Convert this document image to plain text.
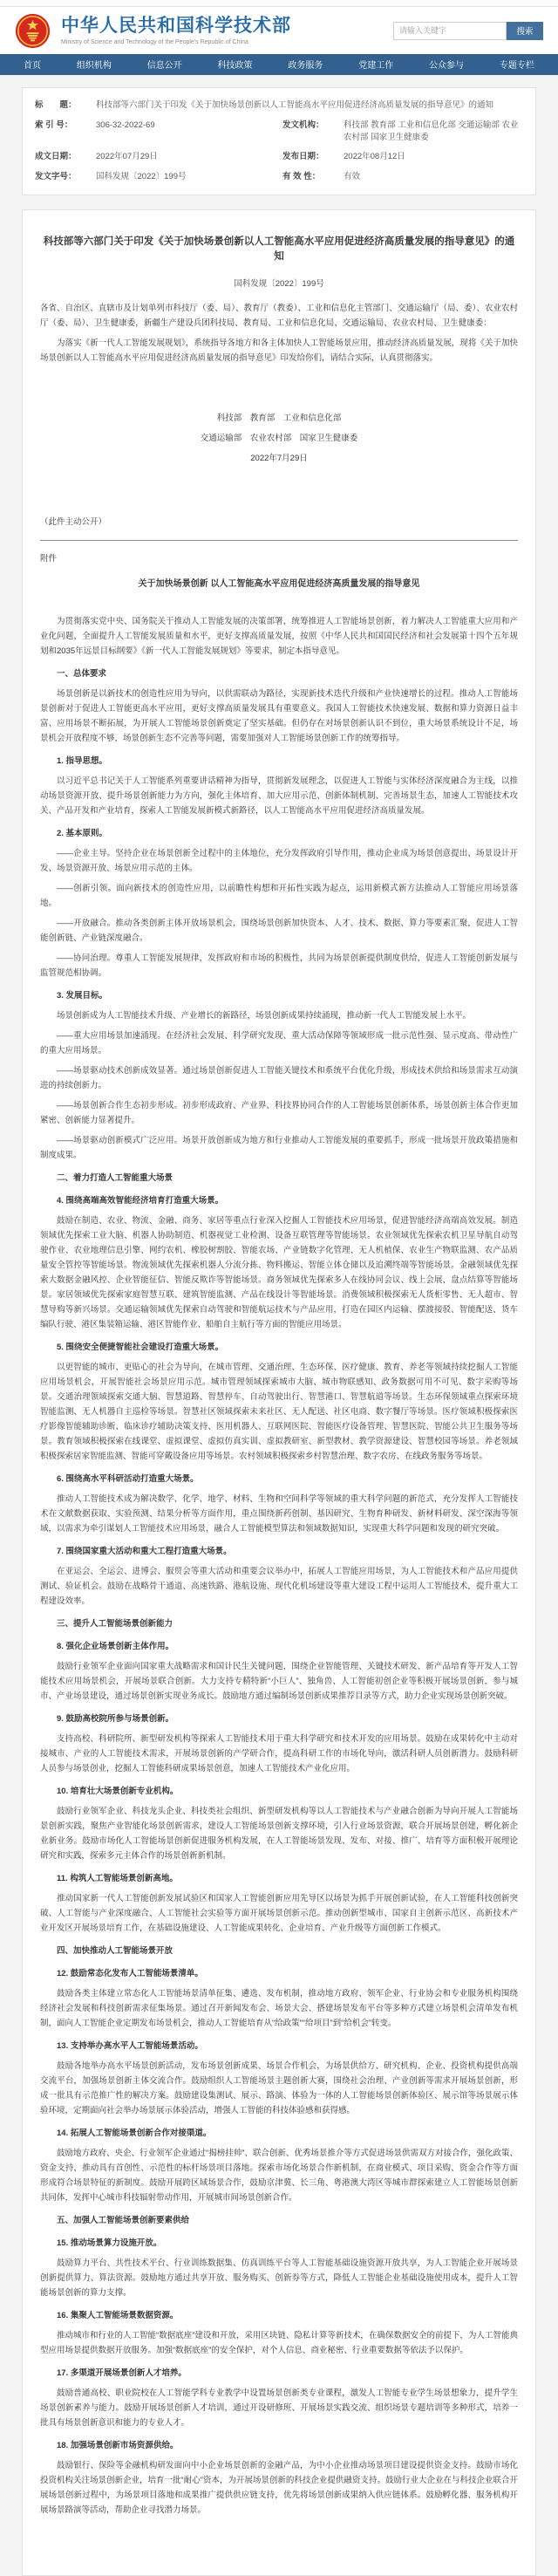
中华人民共和国科学技术部
Ministry of Science and Technology of the People's Republic of China
请输入关键字
搜索
首页	组织机构	信息公开	科技政策	政务服务	党建工作	公众参与	专题专栏
标　　题：	科技部等六部门关于印发《关于加快场景创新以人工智能高水平应用促进经济高质量发展的指导意见》的通知
索 引 号：	306-32-2022-69	发文机构：	科技部 教育部 工业和信息化部 交通运输部 农业农村部 国家卫生健康委
成文日期：	2022年07月29日	发布日期：	2022年08月12日
发文字号：	国科发规〔2022〕199号	有 效 性：	有效
科技部等六部门关于印发《关于加快场景创新以人工智能高水平应用促进经济高质量发展的指导意见》的通知
国科发规〔2022〕199号
各省、自治区、直辖市及计划单列市科技厅（委、局）、教育厅（教委）、工业和信息化主管部门、交通运输厅（局、委）、农业农村厅（委、局）、卫生健康委，新疆生产建设兵团科技局、教育局、工业和信息化局、交通运输局、农业农村局、卫生健康委：
为落实《新一代人工智能发展规划》，系统指导各地方和各主体加快人工智能场景应用，推动经济高质量发展，现将《关于加快场景创新以人工智能高水平应用促进经济高质量发展的指导意见》印发给你们，请结合实际，认真贯彻落实。
科技部　教育部　工业和信息化部
交通运输部　农业农村部　国家卫生健康委
2022年7月29日
（此件主动公开）
附件
关于加快场景创新 以人工智能高水平应用促进经济高质量发展的指导意见
为贯彻落实党中央、国务院关于推动人工智能发展的决策部署，统筹推进人工智能场景创新，着力解决人工智能重大应用和产业化问题，全面提升人工智能发展质量和水平，更好支撑高质量发展，按照《中华人民共和国国民经济和社会发展第十四个五年规划和2035年远景目标纲要》《新一代人工智能发展规划》等要求，制定本指导意见。
一、总体要求
场景创新是以新技术的创造性应用为导向，以供需联动为路径，实现新技术迭代升级和产业快速增长的过程。推动人工智能场景创新对于促进人工智能更高水平应用，更好支撑高质量发展具有重要意义。我国人工智能技术快速发展、数据和算力资源日益丰富、应用场景不断拓展，为开展人工智能场景创新奠定了坚实基础。但仍存在对场景创新认识不到位，重大场景系统设计不足，场景机会开放程度不够，场景创新生态不完善等问题，需要加强对人工智能场景创新工作的统筹指导。
1. 指导思想。
以习近平总书记关于人工智能系列重要讲话精神为指导，贯彻新发展理念，以促进人工智能与实体经济深度融合为主线，以推动场景资源开放、提升场景创新能力为方向，强化主体培育、加大应用示范、创新体制机制、完善场景生态，加速人工智能技术攻关、产品开发和产业培育，探索人工智能发展新模式新路径，以人工智能高水平应用促进经济高质量发展。
2. 基本原则。
——企业主导。坚持企业在场景创新全过程中的主体地位，充分发挥政府引导作用，推动企业成为场景创意提出、场景设计开发、场景资源开放、场景应用示范的主体。
——创新引领。面向新技术的创造性应用，以前瞻性构想和开拓性实践为起点，运用新模式新方法推动人工智能应用场景落地。
——开放融合。推动各类创新主体开放场景机会，围绕场景创新加快资本、人才、技术、数据、算力等要素汇聚，促进人工智能创新链、产业链深度融合。
——协同治理。尊重人工智能发展规律，发挥政府和市场的积极性，共同为场景创新提供制度供给，促进人工智能创新发展与监管规范相协调。
3. 发展目标。
场景创新成为人工智能技术升级、产业增长的新路径，场景创新成果持续涌现，推动新一代人工智能发展上水平。
——重大应用场景加速涌现。在经济社会发展、科学研究发现、重大活动保障等领域形成一批示范性强、显示度高、带动性广的重大应用场景。
——场景驱动技术创新成效显著。通过场景创新促进人工智能关键技术和系统平台优化升级，形成技术供给和场景需求互动演进的持续创新力。
——场景创新合作生态初步形成。初步形成政府、产业界、科技界协同合作的人工智能场景创新体系，场景创新主体合作更加紧密、创新能力显著提升。
——场景驱动创新模式广泛应用。场景开放创新成为地方和行业推动人工智能发展的重要抓手，形成一批场景开放政策措施和制度成果。
二、着力打造人工智能重大场景
4. 围绕高端高效智能经济培育打造重大场景。
鼓励在制造、农业、物流、金融、商务、家居等重点行业深入挖掘人工智能技术应用场景，促进智能经济高端高效发展。制造领域优先探索工业大脑、机器人协助制造、机器视觉工业检测、设备互联管理等智能场景。农业领域优先探索农机卫星导航自动驾驶作业、农业地理信息引擎、网约农机、橡胶树割胶、智能农场、产业链数字化管理、无人机植保、农业生产物联监测、农产品质量安全管控等智能场景。物流领域优先探索机器人分流分拣、物料搬运、智能立体仓储以及追溯终端等智能场景。金融领域优先探索大数据金融风控、企业智能征信、智能反欺诈等智能场景。商务领域优先探索多人在线协同会议、线上会展、盘点结算等智能场景。家居领域优先探索家庭智慧互联、建筑智能监测、产品在线设计等智能场景。消费领域积极探索无人货柜零售、无人超市、智慧导购等新兴场景。交通运输领域优先探索自动驾驶和智能航运技术与产品应用，打造在园区内运输、摆渡接驳、智能配送、货车编队行驶、港区集装箱运输、港区智能作业、船舶自主航行等方面的智能应用场景。
5. 围绕安全便捷智能社会建设打造重大场景。
以更智能的城市、更贴心的社会为导向，在城市管理、交通治理、生态环保、医疗健康、教育、养老等领域持续挖掘人工智能应用场景机会，开展智能社会场景应用示范。城市管理领域探索城市大脑、城市物联感知、政务数据可用不可见、数字采购等场景。交通治理领域探索交通大脑、智慧道路、智慧停车、自动驾驶出行、智慧港口、智慧航道等场景。生态环保领域重点探索环境智能监测、无人机器自主巡检等场景。智慧社区领域探索未来社区、无人配送、社区电商、数字餐厅等场景。医疗领域积极探索医疗影像智能辅助诊断、临床诊疗辅助决策支持、医用机器人、互联网医院、智能医疗设备管理、智慧医院、智能公共卫生服务等场景。教育领域积极探索在线课堂、虚拟课堂、虚拟仿真实训、虚拟教研室、新型教材、教学资源建设、智慧校园等场景。养老领域积极探索居家智能监测、智能可穿戴设备应用等场景。农村领域积极探索乡村智慧治理、数字农房、在线政务服务等场景。
6. 围绕高水平科研活动打造重大场景。
推动人工智能技术成为解决数学、化学、地学、材料、生物和空间科学等领域的重大科学问题的新范式，充分发挥人工智能技术在文献数据获取、实验预测、结果分析等方面作用，重点围绕新药创制、基因研究、生物育种研发、新材料研发、深空深海等领域，以需求为牵引谋划人工智能技术应用场景，融合人工智能模型算法和领域数据知识，实现重大科学问题和发现的研究突破。
7. 围绕国家重大活动和重大工程打造重大场景。
在亚运会、全运会、进博会、服贸会等重大活动和重要会议举办中，拓展人工智能应用场景，为人工智能技术和产品应用提供测试、验证机会。鼓励在战略骨干通道、高速铁路、港航设施、现代化机场建设等重大建设工程中运用人工智能技术，提升重大工程建设效率。
三、提升人工智能场景创新能力
8. 强化企业场景创新主体作用。
鼓励行业领军企业面向国家重大战略需求和国计民生关键问题，围绕企业智能管理、关键技术研发、新产品培育等开发人工智能技术应用场景机会，开展场景联合创新。大力支持专精特新“小巨人”、独角兽、人工智能初创企业等积极开展场景创新，参与城市、产业场景建设，通过场景创新实现业务成长。鼓励地方通过编制场景创新成果推荐目录等方式，助力企业实现场景创新突破。
9. 鼓励高校院所参与场景创新。
支持高校、科研院所、新型研发机构等探索人工智能技术用于重大科学研究和技术开发的应用场景。鼓励在成果转化中主动对接城市、产业的人工智能技术需求，开展场景创新的产学研合作，提高科研工作的市场化导向，激活科研人员创新潜力。鼓励科研人员参与场景创业，挖掘人工智能科研成果场景创意，加速人工智能技术产业化应用。
10. 培育壮大场景创新专业机构。
鼓励行业领军企业、科技龙头企业、科技类社会组织、新型研发机构等以人工智能技术与产业融合创新为导向开展人工智能场景创新实践，聚焦产业智能化场景创新需求，建设人工智能场景创新支撑环境，引入行业场景资源，联合开展场景创建，孵化新企业新业务。鼓励市场化人工智能场景创新促进服务机构发展，在人工智能场景发现、发布、对接、推广、培育等方面积极开展理论研究和实践，探索多元主体合作的场景创新新机制。
11. 构筑人工智能场景创新高地。
推动国家新一代人工智能创新发展试验区和国家人工智能创新应用先导区以场景为抓手开展创新试验，在人工智能科技创新突破、人工智能与产业深度融合、人工智能社会实验等方面开展场景创新示范。推动创新型城市、国家自主创新示范区、高新技术产业开发区开展场景培育工作，在基础设施建设、人工智能成果转化、企业培育、产业升级等方面创新工作模式。
四、加快推动人工智能场景开放
12. 鼓励常态化发布人工智能场景清单。
鼓励各类主体建立常态化人工智能场景清单征集、遴选、发布机制，推动地方政府、领军企业、行业协会和专业服务机构围绕经济社会发展和科技创新需求征集场景。通过召开新闻发布会、场景大会、搭建场景发布平台等多种方式建立场景机会清单发布机制，面向人工智能企业定期发布场景机会，推动人工智能培育从“给政策”“给项目”到“给机会”转变。
13. 支持举办高水平人工智能场景活动。
鼓励各地举办高水平场景创新活动，发布场景创新成果、场景合作机会，为场景供给方、研究机构、企业、投资机构提供高端交流平台，加强场景创新主体交流合作。鼓励组织人工智能场景主题创新大赛，围绕社会治理、产业创新等需求开展场景创新，形成一批具有示范推广性的解决方案。鼓励建设集测试、展示、路演、体验为一体的人工智能场景创新体验区、展示馆等场景展示体验环境，定期面向社会举办场景展示体验活动，增强人工智能的科技体验感和获得感。
14. 拓展人工智能场景创新合作对接渠道。
鼓励地方政府、央企、行业领军企业通过“揭榜挂帅”、联合创新、优秀场景推介等方式促进场景供需双方对接合作，强化政策、资金支持，推动具有首创性、示范性的标杆场景项目落地。探索市场化场景合作新机制，在商业模式、项目采购、资金合作等方面形成符合场景特征的新制度。鼓励开展跨区域场景合作，鼓励京津冀、长三角、粤港澳大湾区等城市群探索建立人工智能场景创新共同体，发挥中心城市科技辐射带动作用，开展城市间场景创新合作。
五、加强人工智能场景创新要素供给
15. 推动场景算力设施开放。
鼓励算力平台、共性技术平台、行业训练数据集、仿真训练平台等人工智能基础设施资源开放共享，为人工智能企业开展场景创新提供算力、算法资源。鼓励地方通过共享开放、服务购买、创新券等方式，降低人工智能企业基础设施使用成本，提升人工智能场景创新的算力支撑。
16. 集聚人工智能场景数据资源。
推动城市和行业的人工智能“数据底座”建设和开放，采用区块链、隐私计算等新技术，在确保数据安全的前提下，为人工智能典型应用场景提供数据开放服务。加强“数据底座”的安全保护，对个人信息、商业秘密、行业重要数据等依法予以保护。
17. 多渠道开展场景创新人才培养。
鼓励普通高校、职业院校在人工智能学科专业教学中设置场景创新类专业课程，激发人工智能专业学生场景想象力，提升学生场景创新素养与能力。鼓励开展场景创新人才培训，通过开设研修班、开展场景实践交流、组织场景专题培训等多种形式，培养一批具有场景创新意识和能力的专业人才。
18. 加强场景创新市场资源供给。
鼓励银行、保险等金融机构研发面向中小企业场景创新的金融产品，为中小企业推动场景项目建设提供资金支持。鼓励市场化投资机构关注场景创新企业，培育一批“耐心”资本，为开展场景创新的科技企业提供融资支持。鼓励行业大企业在与科技企业联合开展场景创新过程中，为场景项目落地和成果推广提供供应链支持，优先将场景创新成果纳入供应链体系。鼓励孵化器、服务机构开展场景路演等活动，帮助企业寻找潜力场景。
